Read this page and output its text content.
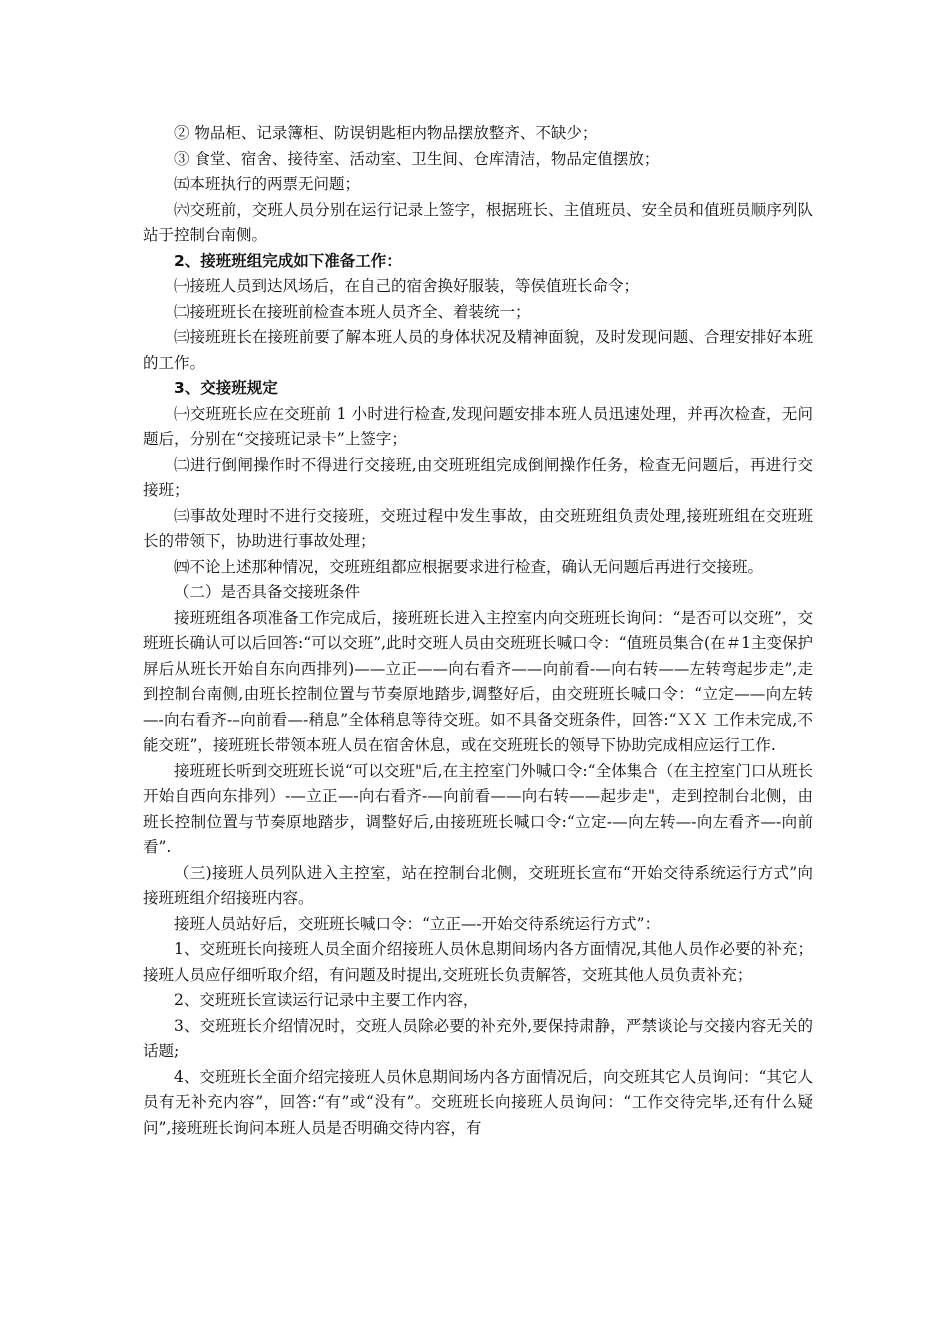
② 物品柜、记录簿柜、防误钥匙柜内物品摆放整齐、不缺少；

③ 食堂、宿舍、接待室、活动室、卫生间、仓库清洁，物品定值摆放；

㈤本班执行的两票无问题；

㈥交班前，交班人员分别在运行记录上签字，根据班长、主值班员、安全员和值班员顺序列队站于控制台南侧。

2、接班班组完成如下准备工作：

㈠接班人员到达风场后，在自己的宿舍换好服装，等侯值班长命令；

㈡接班班长在接班前检查本班人员齐全、着装统一；

㈢接班班长在接班前要了解本班人员的身体状况及精神面貌，及时发现问题、合理安排好本班的工作。

3、交接班规定

㈠交班班长应在交班前 1 小时进行检查,发现问题安排本班人员迅速处理，并再次检查，无问题后，分别在“交接班记录卡”上签字；

㈡进行倒闸操作时不得进行交接班,由交班班组完成倒闸操作任务，检查无问题后，再进行交接班；

㈢事故处理时不进行交接班，交班过程中发生事故，由交班班组负责处理,接班班组在交班班长的带领下，协助进行事故处理；

㈣不论上述那种情况，交班班组都应根据要求进行检查，确认无问题后再进行交接班。

（二）是否具备交接班条件

接班班组各项准备工作完成后，接班班长进入主控室内向交班班长询问：“是否可以交班”，交班班长确认可以后回答:“可以交班”,此时交班人员由交班班长喊口令：“值班员集合(在＃1主变保护屏后从班长开始自东向西排列)——立正——向右看齐——向前看-—向右转——左转弯起步走”,走到控制台南侧,由班长控制位置与节奏原地踏步,调整好后，由交班班长喊口令：“立定——向左转—-向右看齐-–向前看—-稍息”全体稍息等待交班。如不具备交班条件，回答:“ＸＸ 工作未完成,不能交班”，接班班长带领本班人员在宿舍休息，或在交班班长的领导下协助完成相应运行工作.

接班班长听到交班班长说“可以交班"后,在主控室门外喊口令:“全体集合（在主控室门口从班长开始自西向东排列）-—立正—-向右看齐-—向前看——向右转——起步走"，走到控制台北侧，由班长控制位置与节奏原地踏步，调整好后,由接班班长喊口令:“立定-—向左转—-向左看齐—-向前看”.

（三)接班人员列队进入主控室，站在控制台北侧，交班班长宣布“开始交待系统运行方式”向接班班组介绍接班内容。

接班人员站好后，交班班长喊口令：“立正—-开始交待系统运行方式”：

1、交班班长向接班人员全面介绍接班人员休息期间场内各方面情况,其他人员作必要的补充；接班人员应仔细听取介绍，有问题及时提出,交班班长负责解答，交班其他人员负责补充；

2、交班班长宣读运行记录中主要工作内容，

3、交班班长介绍情况时，交班人员除必要的补充外,要保持肃静，严禁谈论与交接内容无关的话题;

4、交班班长全面介绍完接班人员休息期间场内各方面情况后，向交班其它人员询问：“其它人员有无补充内容”，回答:“有”或“没有”。交班班长向接班人员询问：“工作交待完毕,还有什么疑问”,接班班长询问本班人员是否明确交待内容，有
